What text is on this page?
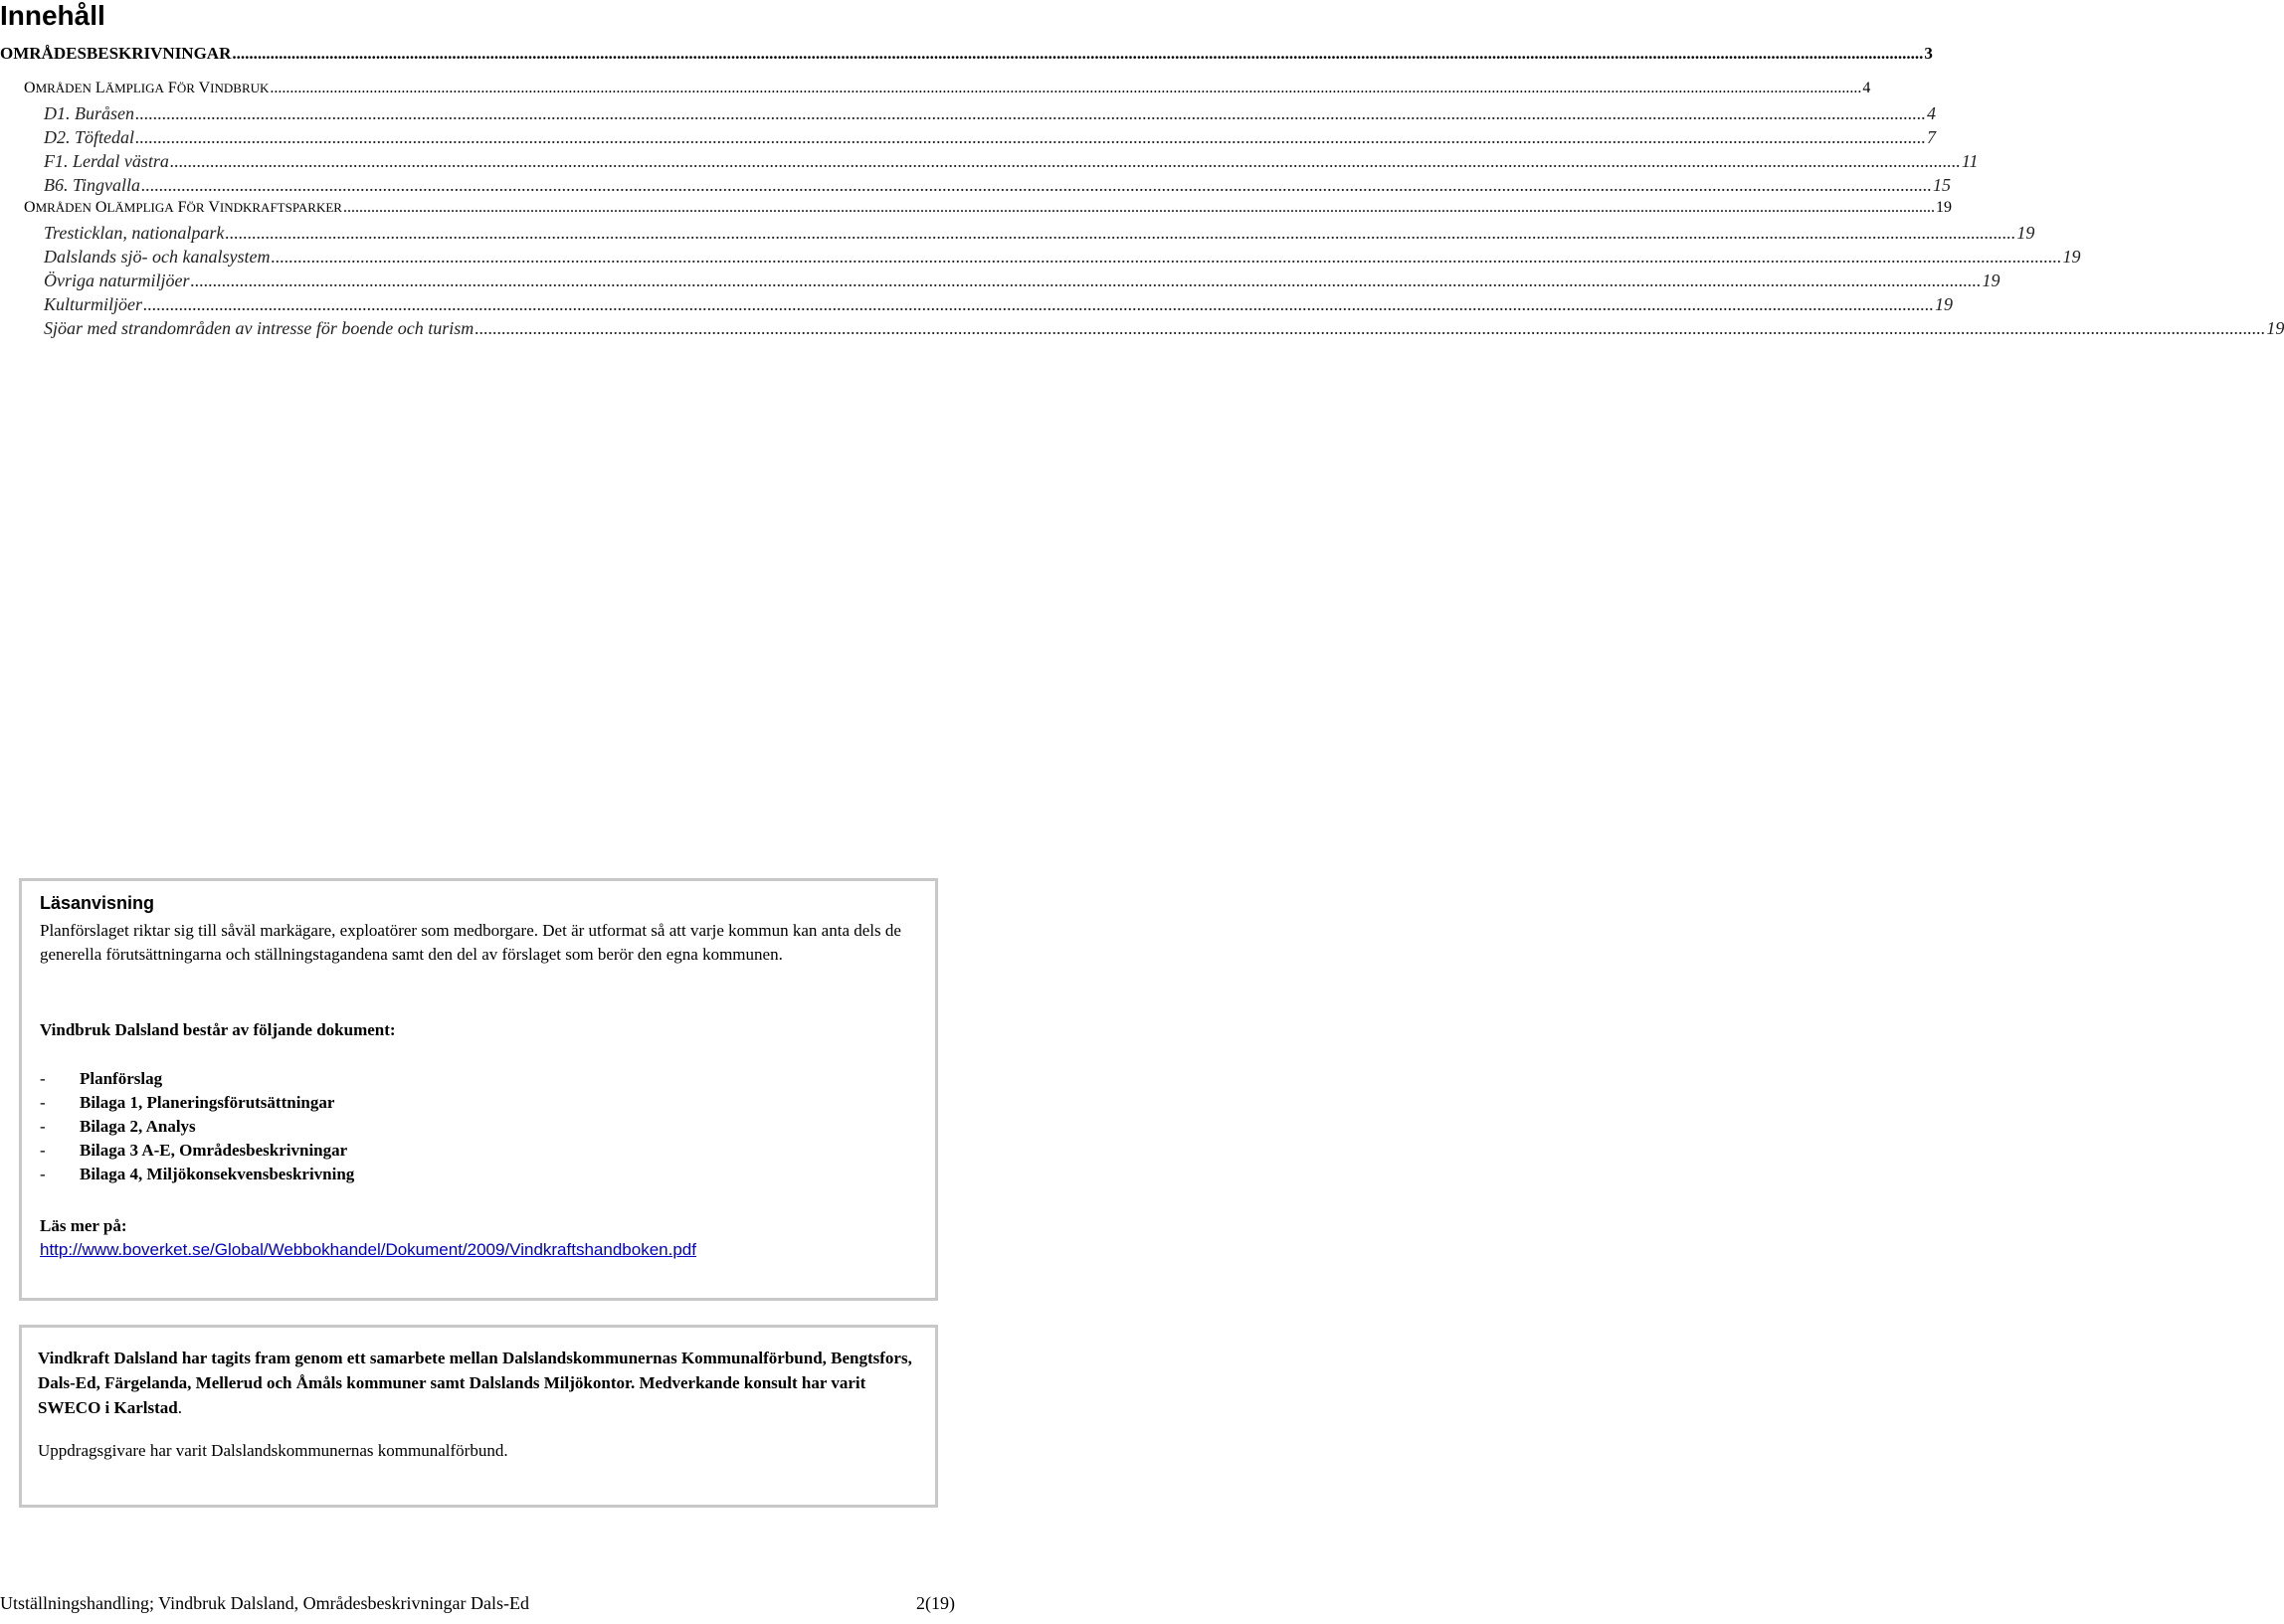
Innehåll
OMRÅDESBESKRIVNINGAR ................................................................................................................................................................................................................................................................................................................................................................................................................ 3
OMRÅDEN LÄMPLIGA FÖR VINDBRUK ................................................................................................................................................................................................................................................................................................................................................................................................................ 4
D1. Buråsen ................................................................................................................................................................................................................................................................................................................................................................................................................ 4
D2. Töftedal ................................................................................................................................................................................................................................................................................................................................................................................................................ 7
F1. Lerdal västra ................................................................................................................................................................................................................................................................................................................................................................................................................ 11
B6. Tingvalla ................................................................................................................................................................................................................................................................................................................................................................................................................ 15
OMRÅDEN OLÄMPLIGA FÖR VINDKRAFTSPARKER ................................................................................................................................................................................................................................................................................................................................................................................................................ 19
Tresticklan, nationalpark ................................................................................................................................................................................................................................................................................................................................................................................................................ 19
Dalslands sjö- och kanalsystem ................................................................................................................................................................................................................................................................................................................................................................................................................ 19
Övriga naturmiljöer ................................................................................................................................................................................................................................................................................................................................................................................................................ 19
Kulturmiljöer ................................................................................................................................................................................................................................................................................................................................................................................................................ 19
Sjöar med strandområden av intresse för boende och turism ................................................................................................................................................................................................................................................................................................................................................................................................................ 19
Läsanvisning
Planförslaget riktar sig till såväl markägare, exploatörer som medborgare. Det är utformat så att varje kommun kan anta dels de generella förutsättningarna och ställningstagandena samt den del av förslaget som berör den egna kommunen.
Vindbruk Dalsland består av följande dokument:
-	Planförslag
-	Bilaga 1, Planeringsförutsättningar
-	Bilaga 2, Analys
-	Bilaga 3 A-E, Områdesbeskrivningar
-	Bilaga 4, Miljökonsekvensbeskrivning
Läs mer på:
http://www.boverket.se/Global/Webbokhandel/Dokument/2009/Vindkraftshandboken.pdf
Vindkraft Dalsland har tagits fram genom ett samarbete mellan Dalslandskommunernas Kommunalförbund, Bengtsfors, Dals-Ed, Färgelanda, Mellerud och Åmåls kommuner samt Dalslands Miljökontor. Medverkande konsult har varit SWECO i Karlstad.
Uppdragsgivare har varit Dalslandskommunernas kommunalförbund.
Utställningshandling; Vindbruk Dalsland, Områdesbeskrivningar Dals-Ed	2(19)
